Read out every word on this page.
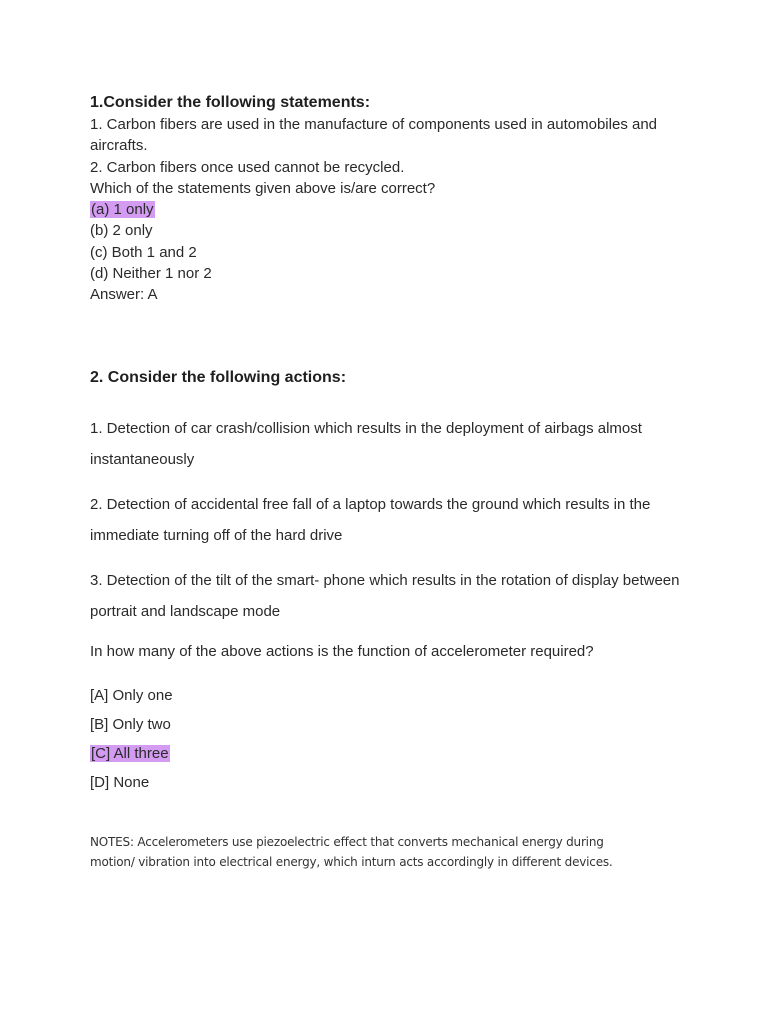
1.Consider the following statements:
1. Carbon fibers are used in the manufacture of components used in automobiles and
aircrafts.
2. Carbon fibers once used cannot be recycled.
Which of the statements given above is/are correct?
(a) 1 only
(b) 2 only
(c) Both 1 and 2
(d) Neither 1 nor 2
Answer: A
2. Consider the following actions:
1. Detection of car crash/collision which results in the deployment of airbags almost instantaneously
2. Detection of accidental free fall of a laptop towards the ground which results in the immediate turning off of the hard drive
3. Detection of the tilt of the smart- phone which results in the rotation of display between portrait and landscape mode
In how many of the above actions is the function of accelerometer required?
[A] Only one
[B] Only two
[C] All three
[D] None
NOTES: Accelerometers use piezoelectric effect that converts mechanical energy during motion/ vibration into electrical energy, which inturn acts accordingly in different devices.
